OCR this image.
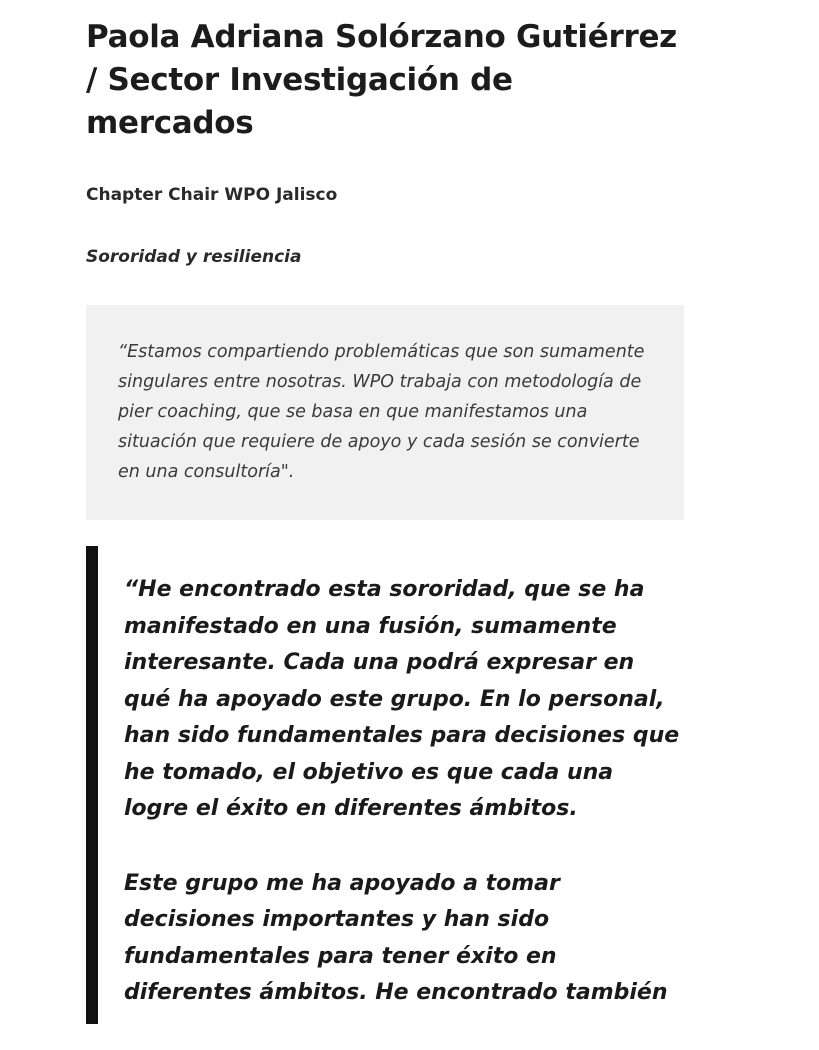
Paola Adriana Solórzano Gutiérrez / Sector Investigación de mercados

Chapter Chair WPO Jalisco

Sororidad y resiliencia

“Estamos compartiendo problemáticas que son sumamente singulares entre nosotras. WPO trabaja con metodología de pier coaching, que se basa en que manifestamos una situación que requiere de apoyo y cada sesión se convierte en una consultoría".

“He encontrado esta sororidad, que se ha manifestado en una fusión, sumamente interesante. Cada una podrá expresar en qué ha apoyado este grupo. En lo personal, han sido fundamentales para decisiones que he tomado, el objetivo es que cada una logre el éxito en diferentes ámbitos.

Este grupo me ha apoyado a tomar decisiones importantes y han sido fundamentales para tener éxito en diferentes ámbitos. He encontrado también
